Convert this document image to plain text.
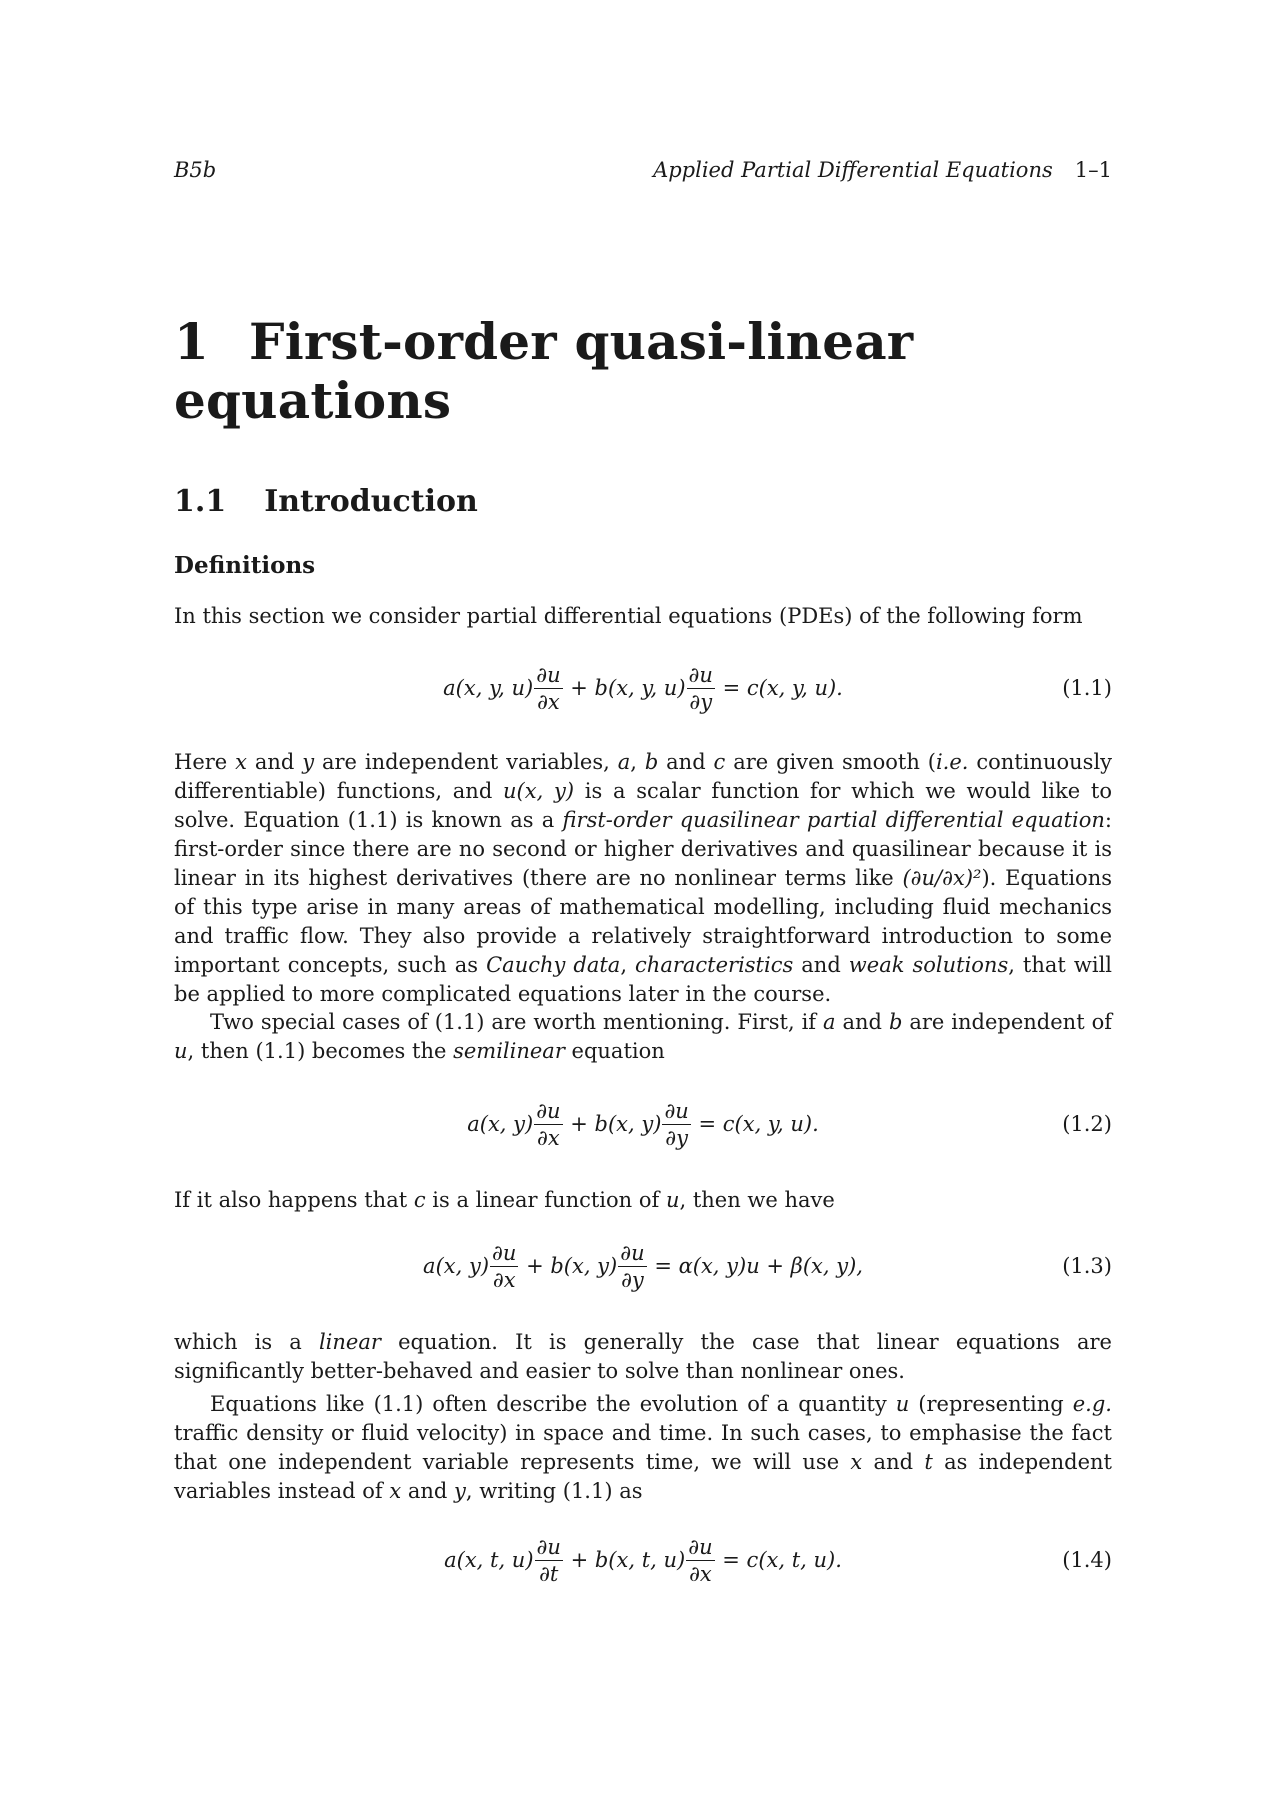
B5b	Applied Partial Differential Equations 1–1
1 First-order quasi-linear equations
1.1 Introduction
Definitions

In this section we consider partial differential equations (PDEs) of the following form

a(x, y, $u) \frac{\partial u}{\partial x} + b(x$, y, $u) \frac{\partial u}{\partial y} = c(x$, y, u).	(1.1)

Here x and y are independent variables, a, b and c are given smooth (i.e. continuously differentiable) functions, and u(x, y) is a scalar function for which we would like to solve. Equation (1.1) is known as a first-order quasilinear partial differential equation: first-order since there are no second or higher derivatives and quasilinear because it is linear in its highest derivatives (there are no nonlinear terms like (∂u/∂x)²). Equations of this type arise in many areas of mathematical modelling, including fluid mechanics and traffic flow. They also provide a relatively straightforward introduction to some important concepts, such as Cauchy data, characteristics and weak solutions, that will be applied to more complicated equations later in the course.

Two special cases of (1.1) are worth mentioning. First, if a and b are independent of u, then (1.1) becomes the semilinear equation

a(x, $y) \frac{\partial u}{\partial x} + b(x$, $y) \frac{\partial u}{\partial y} = c(x$, y, u).	(1.2)

If it also happens that c is a linear function of u, then we have

a(x, $y) \frac{\partial u}{\partial x} + b(x$, $y) \frac{\partial u}{\partial y} = \alpha(x$, y)u + β(x, y),	(1.3)

which is a linear equation. It is generally the case that linear equations are significantly better-behaved and easier to solve than nonlinear ones.

Equations like (1.1) often describe the evolution of a quantity u (representing e.g. traffic density or fluid velocity) in space and time. In such cases, to emphasise the fact that one independent variable represents time, we will use x and t as independent variables instead of x and y, writing (1.1) as

a(x, t, $u) \frac{\partial u}{\partial t} + b(x$, t, $u) \frac{\partial u}{\partial x} = c(x$, t, u).	(1.4)
